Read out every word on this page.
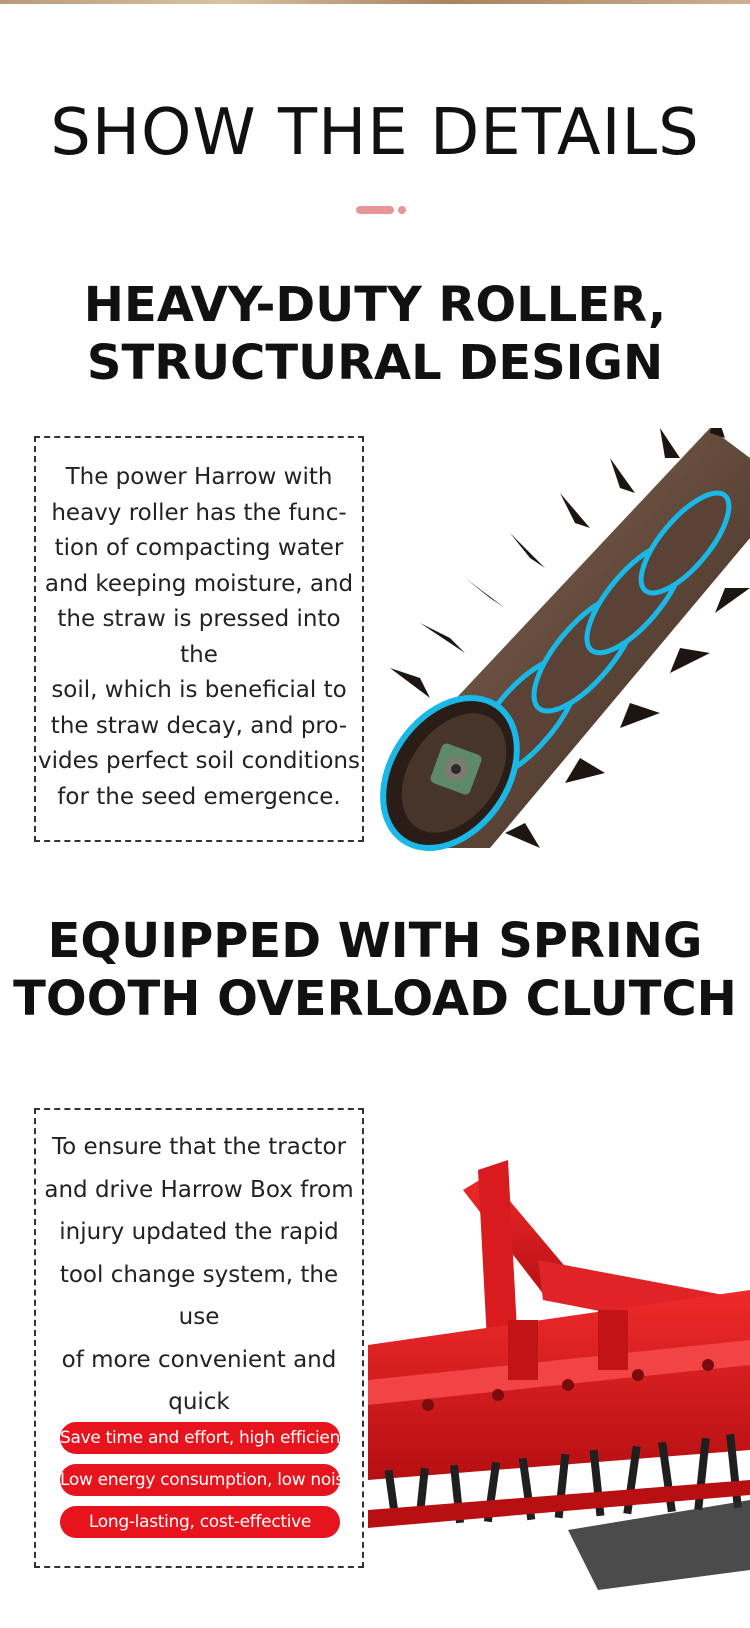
SHOW THE DETAILS
HEAVY-DUTY ROLLER,
STRUCTURAL DESIGN

The power Harrow with
heavy roller has the func-
tion of compacting water
and keeping moisture, and
the straw is pressed into the
soil, which is beneficial to
the straw decay, and pro-
vides perfect soil conditions
for the seed emergence.

EQUIPPED WITH SPRING
TOOTH OVERLOAD CLUTCH

To ensure that the tractor
and drive Harrow Box from
injury updated the rapid
tool change system, the use
of more convenient and
quick

Save time and effort, high efficiency
Low energy consumption, low noise
Long-lasting, cost-effective
